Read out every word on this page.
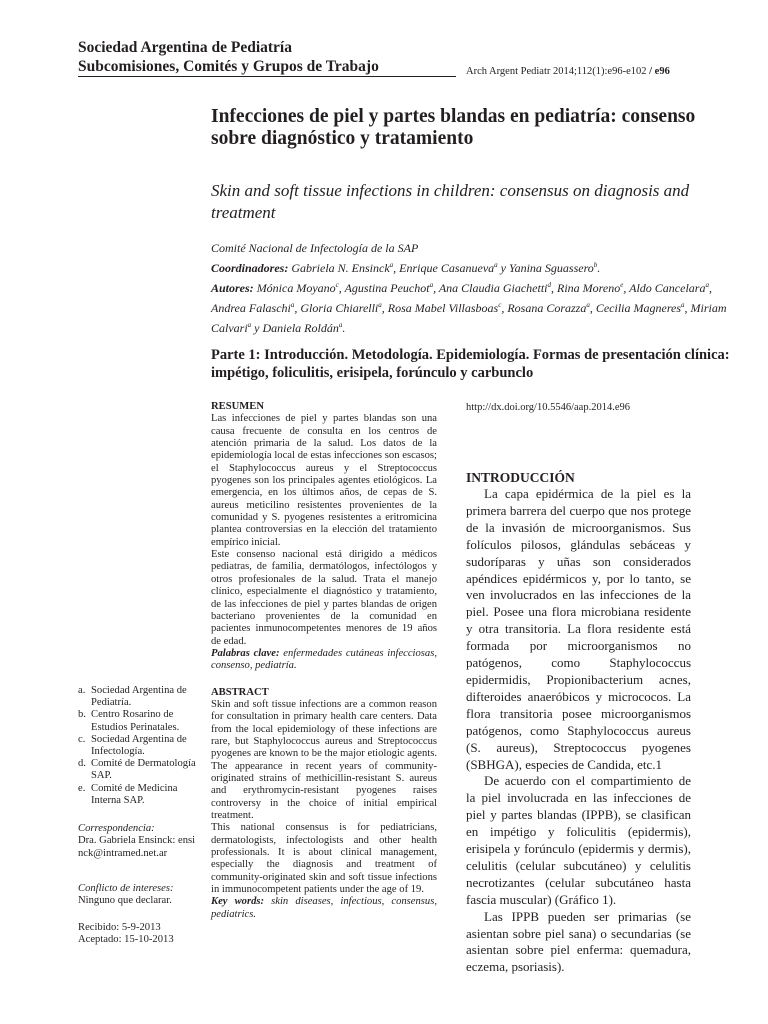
Sociedad Argentina de Pediatría
Subcomisiones, Comités y Grupos de Trabajo	Arch Argent Pediatr 2014;112(1):e96-e102 / e96
Infecciones de piel y partes blandas en pediatría: consenso sobre diagnóstico y tratamiento
Skin and soft tissue infections in children: consensus on diagnosis and treatment
Comité Nacional de Infectología de la SAP
Coordinadores: Gabriela N. Ensinck$^a$, Enrique Casanueva$^a$ y Yanina Sguassero$^b$.
Autores: Mónica Moyano$^c$, Agustina Peuchot$^a$, Ana Claudia Giachetti$^d$, Rina Moreno$^e$, Aldo Cancelara$^a$, Andrea Falaschi$^a$, Gloria Chiarelli$^a$, Rosa Mabel Villasboas$^c$, Rosana Corazza$^a$, Cecilia Magneres$^a$, Miriam Calvari$^a$ y Daniela Roldán$^a$.
Parte 1: Introducción. Metodología. Epidemiología. Formas de presentación clínica: impétigo, foliculitis, erisipela, forúnculo y carbunclo
RESUMEN
Las infecciones de piel y partes blandas son una causa frecuente de consulta en los centros de atención primaria de la salud. Los datos de la epidemiología local de estas infecciones son escasos; el Staphylococcus aureus y el Streptococcus pyogenes son los principales agentes etiológicos. La emergencia, en los últimos años, de cepas de S. aureus meticilino resistentes provenientes de la comunidad y S. pyogenes resistentes a eritromicina plantea controversias en la elección del tratamiento empírico inicial.
Este consenso nacional está dirigido a médicos pediatras, de familia, dermatólogos, infectólogos y otros profesionales de la salud. Trata el manejo clínico, especialmente el diagnóstico y tratamiento, de las infecciones de piel y partes blandas de origen bacteriano provenientes de la comunidad en pacientes inmunocompetentes menores de 19 años de edad.
Palabras clave: enfermedades cutáneas infecciosas, consenso, pediatría.
ABSTRACT
Skin and soft tissue infections are a common reason for consultation in primary health care centers. Data from the local epidemiology of these infections are rare, but Staphylococcus aureus and Streptococcus pyogenes are known to be the major etiologic agents. The appearance in recent years of community-originated strains of methicillin-resistant S. aureus and erythromycin-resistant pyogenes raises controversy in the choice of initial empirical treatment.
This national consensus is for pediatricians, dermatologists, infectologists and other health professionals. It is about clinical management, especially the diagnosis and treatment of community-originated skin and soft tissue infections in immunocompetent patients under the age of 19.
Key words: skin diseases, infectious, consensus, pediatrics.
http://dx.doi.org/10.5546/aap.2014.e96
INTRODUCCIÓN
La capa epidérmica de la piel es la primera barrera del cuerpo que nos protege de la invasión de microorganismos. Sus folículos pilosos, glándulas sebáceas y sudoríparas y uñas son considerados apéndices epidérmicos y, por lo tanto, se ven involucrados en las infecciones de la piel. Posee una flora microbiana residente y otra transitoria. La flora residente está formada por microorganismos no patógenos, como Staphylococcus epidermidis, Propionibacterium acnes, difteroides anaeróbicos y micrococos. La flora transitoria posee microorganismos patógenos, como Staphylococcus aureus (S. aureus), Streptococcus pyogenes (SBHGA), especies de Candida, etc.1
De acuerdo con el compartimiento de la piel involucrada en las infecciones de piel y partes blandas (IPPB), se clasifican en impétigo y foliculitis (epidermis), erisipela y forúnculo (epidermis y dermis), celulitis (celular subcutáneo) y celulitis necrotizantes (celular subcutáneo hasta fascia muscular) (Gráfico 1).
Las IPPB pueden ser primarias (se asientan sobre piel sana) o secundarias (se asientan sobre piel enferma: quemadura, eczema, psoriasis).
a. Sociedad Argentina de Pediatría.
b. Centro Rosarino de Estudios Perinatales.
c. Sociedad Argentina de Infectología.
d. Comité de Dermatología SAP.
e. Comité de Medicina Interna SAP.
Correspondencia:
Dra. Gabriela Ensinck: ensinck@intramed.net.ar
Conflicto de intereses:
Ninguno que declarar.
Recibido: 5-9-2013
Aceptado: 15-10-2013
